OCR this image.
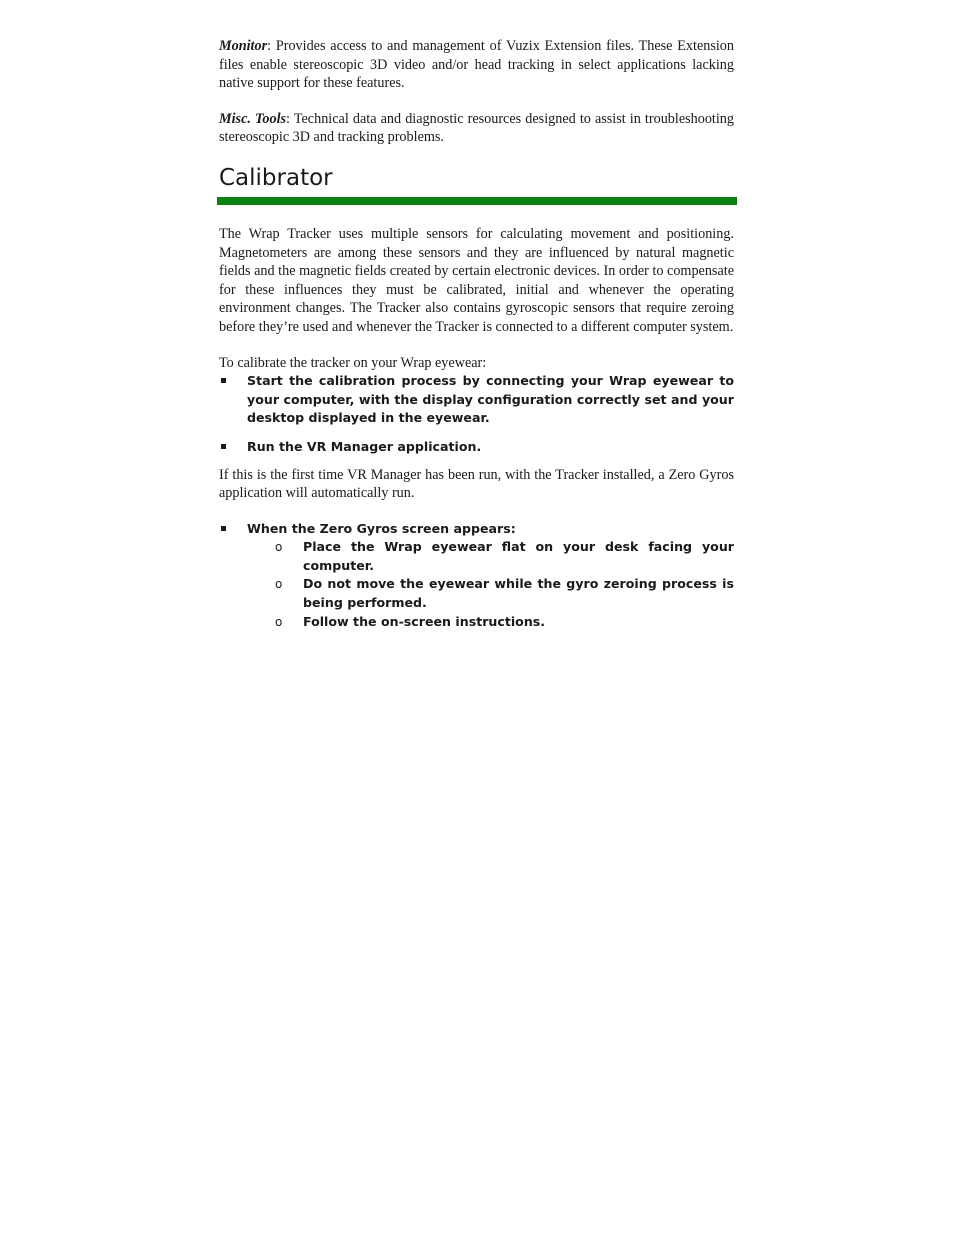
Monitor: Provides access to and management of Vuzix Extension files. These Extension files enable stereoscopic 3D video and/or head tracking in select applications lacking native support for these features.

Misc. Tools: Technical data and diagnostic resources designed to assist in troubleshooting stereoscopic 3D and tracking problems.

Calibrator

The Wrap Tracker uses multiple sensors for calculating movement and positioning. Magnetometers are among these sensors and they are influenced by natural magnetic fields and the magnetic fields created by certain electronic devices. In order to compensate for these influences they must be calibrated, initial and whenever the operating environment changes. The Tracker also contains gyroscopic sensors that require zeroing before they’re used and whenever the Tracker is connected to a different computer system.

To calibrate the tracker on your Wrap eyewear:

Start the calibration process by connecting your Wrap eyewear to your computer, with the display configuration correctly set and your desktop displayed in the eyewear.
Run the VR Manager application.

If this is the first time VR Manager has been run, with the Tracker installed, a Zero Gyros application will automatically run.

When the Zero Gyros screen appears:
o Place the Wrap eyewear flat on your desk facing your computer.
o Do not move the eyewear while the gyro zeroing process is being performed.
o Follow the on-screen instructions.
